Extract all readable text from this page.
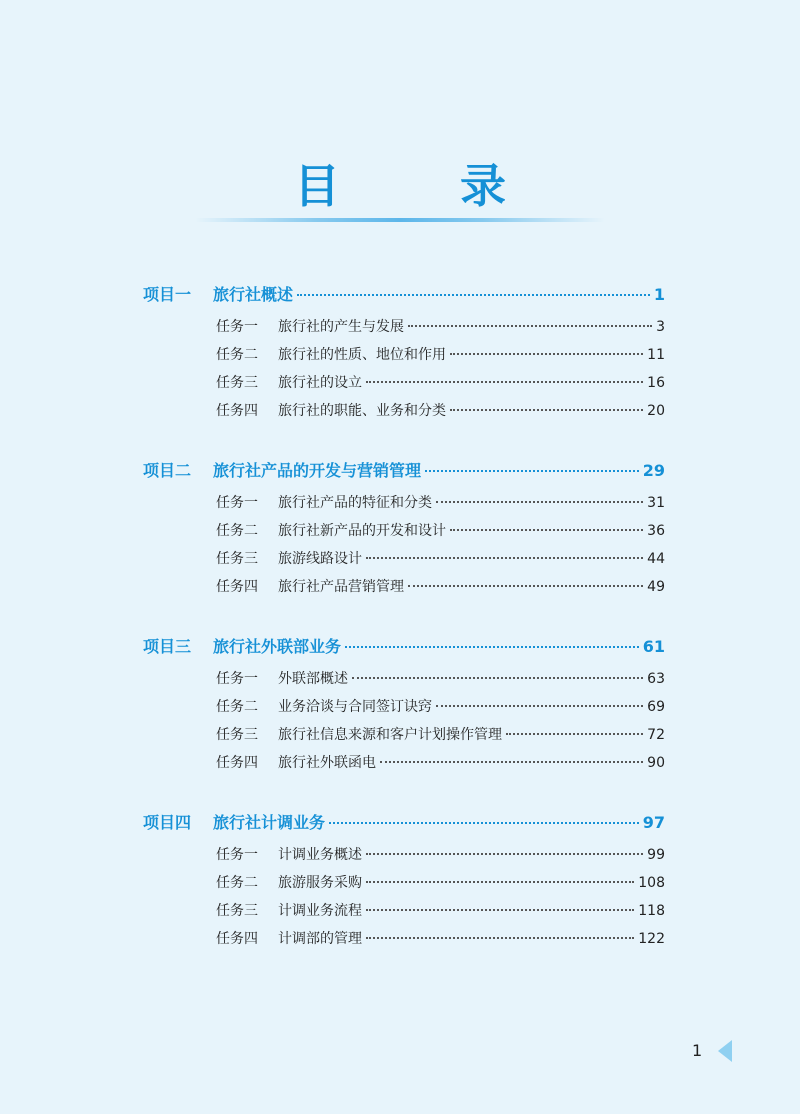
目 录
项目一	旅行社概述	1
任务一	旅行社的产生与发展	3
任务二	旅行社的性质、地位和作用	11
任务三	旅行社的设立	16
任务四	旅行社的职能、业务和分类	20
项目二	旅行社产品的开发与营销管理	29
任务一	旅行社产品的特征和分类	31
任务二	旅行社新产品的开发和设计	36
任务三	旅游线路设计	44
任务四	旅行社产品营销管理	49
项目三	旅行社外联部业务	61
任务一	外联部概述	63
任务二	业务洽谈与合同签订诀窍	69
任务三	旅行社信息来源和客户计划操作管理	72
任务四	旅行社外联函电	90
项目四	旅行社计调业务	97
任务一	计调业务概述	99
任务二	旅游服务采购	108
任务三	计调业务流程	118
任务四	计调部的管理	122
1
